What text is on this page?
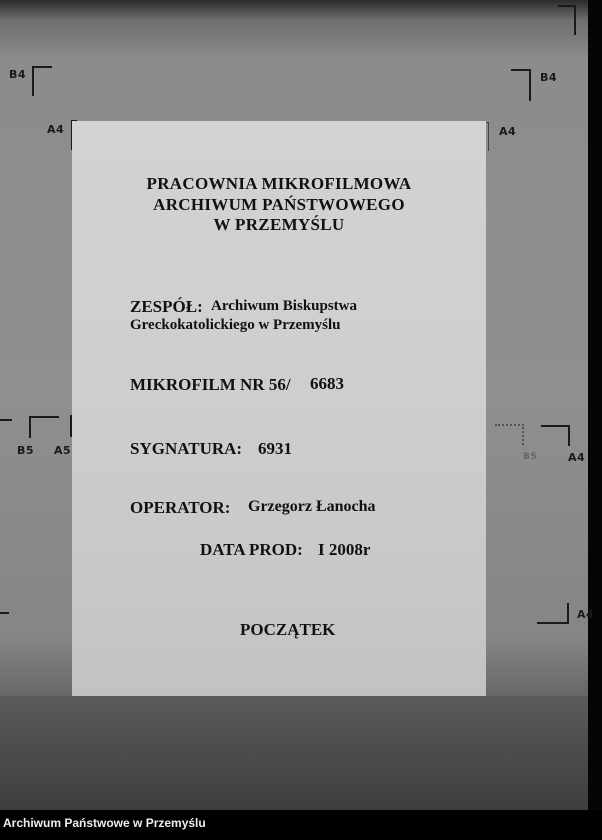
B4	B4
A4	A4
B5 A5	B5	A4
A4
PRACOWNIA MIKROFILMOWA
ARCHIWUM PAŃSTWOWEGO
W PRZEMYŚLU
ZESPÓŁ: Archiwum Biskupstwa
Greckokatolickiego w Przemyślu
MIKROFILM NR 56/ 6683
SYGNATURA: 6931
OPERATOR: Grzegorz Łanocha
DATA PROD: I 2008r
POCZĄTEK
Archiwum Państwowe w Przemyślu
